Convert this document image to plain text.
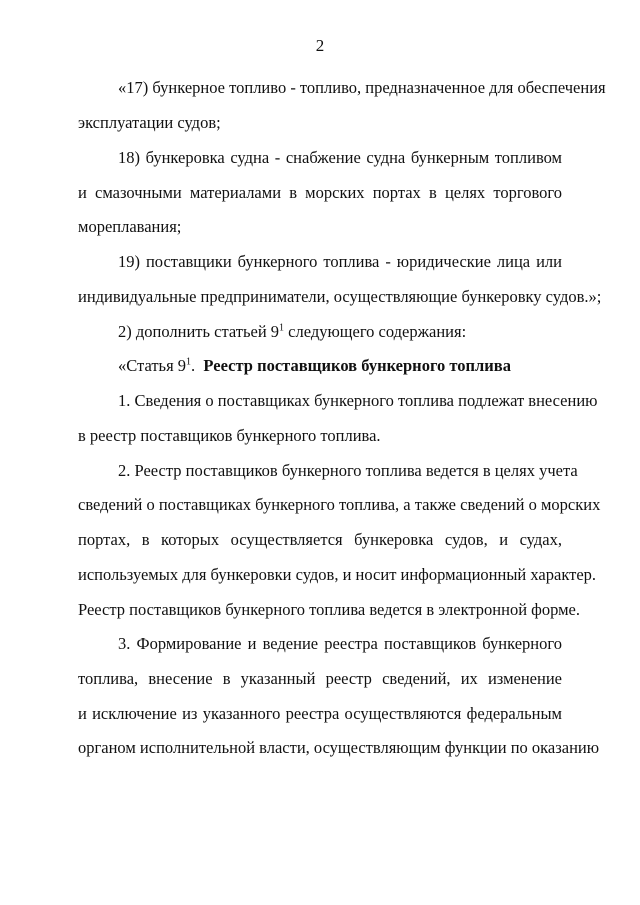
2
«17) бункерное топливо - топливо, предназначенное для обеспечения
эксплуатации судов;
18) бункеровка судна - снабжение судна бункерным топливом
и смазочными материалами в морских портах в целях торгового
мореплавания;
19) поставщики бункерного топлива - юридические лица или
индивидуальные предприниматели, осуществляющие бункеровку судов.»;
2) дополнить статьей $9^1$ следующего содержания:
«Статья $9^1$.  Реестр поставщиков бункерного топлива
1. Сведения о поставщиках бункерного топлива подлежат внесению
в реестр поставщиков бункерного топлива.
2. Реестр поставщиков бункерного топлива ведется в целях учета
сведений о поставщиках бункерного топлива, а также сведений о морских
портах, в которых осуществляется бункеровка судов, и судах,
используемых для бункеровки судов, и носит информационный характер.
Реестр поставщиков бункерного топлива ведется в электронной форме.
3. Формирование и ведение реестра поставщиков бункерного
топлива, внесение в указанный реестр сведений, их изменение
и исключение из указанного реестра осуществляются федеральным
органом исполнительной власти, осуществляющим функции по оказанию
